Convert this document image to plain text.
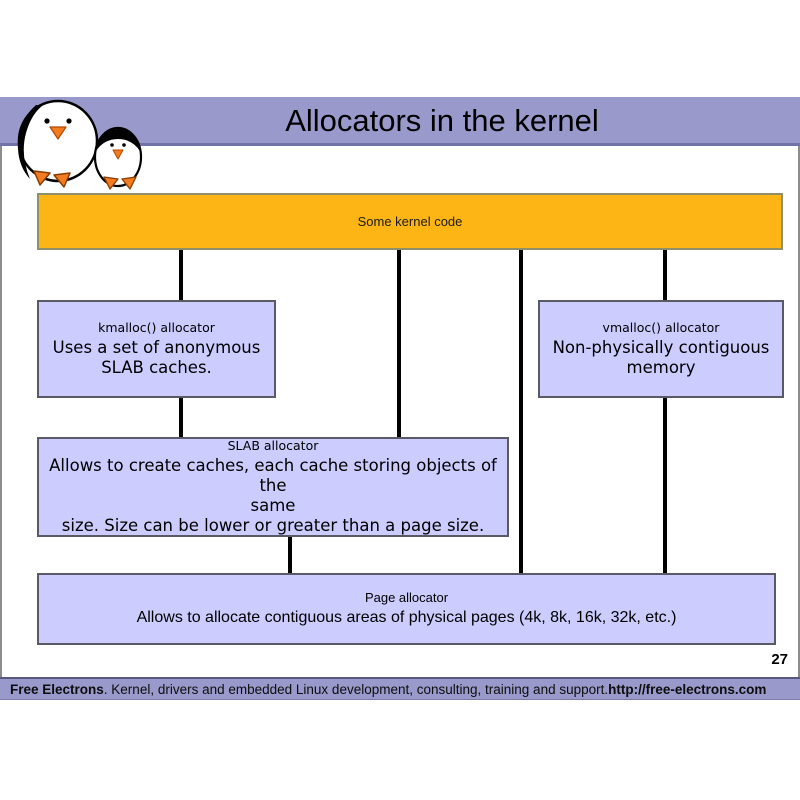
Allocators in the kernel
Some kernel code
kmalloc() allocator
Uses a set of anonymous
SLAB caches.
vmalloc() allocator
Non-physically contiguous
memory
SLAB allocator
Allows to create caches, each cache storing objects of the
same
size. Size can be lower or greater than a page size.
Page allocator
Allows to allocate contiguous areas of physical pages (4k, 8k, 16k, 32k, etc.)
27
Free Electrons . Kernel, drivers and embedded Linux development, consulting, training and support. http://free-electrons.com
